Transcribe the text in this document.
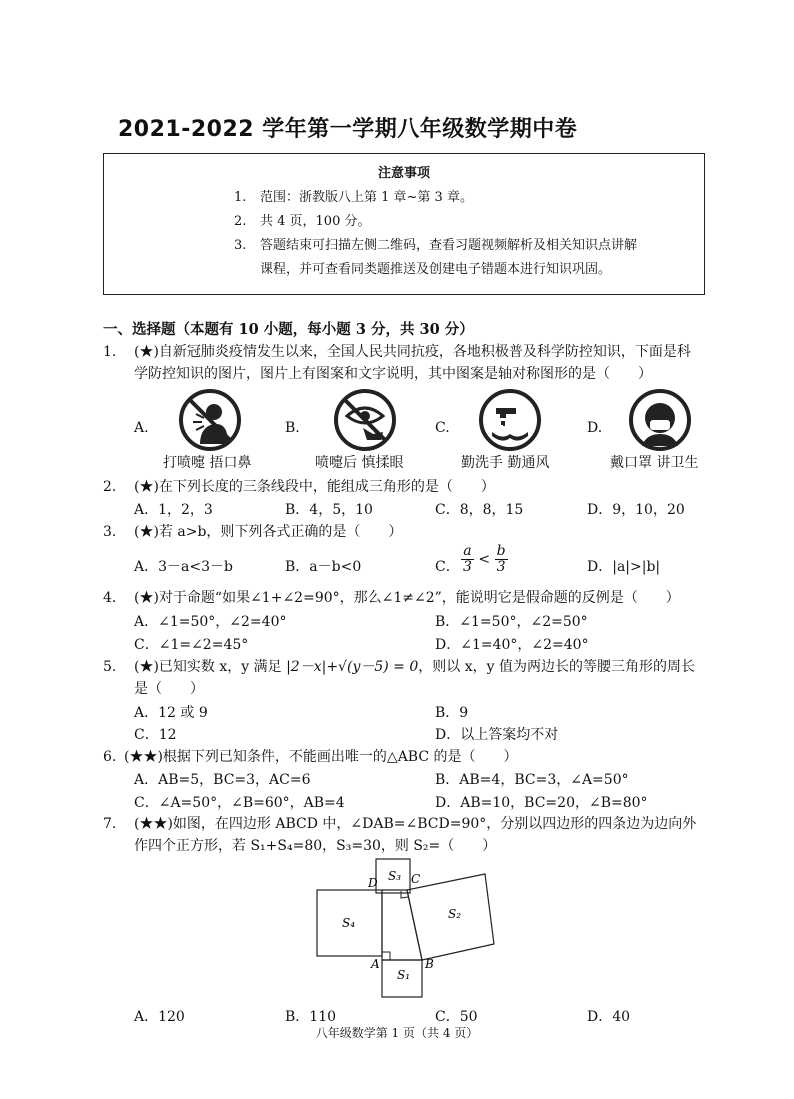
2021-2022 学年第一学期八年级数学期中卷
注意事项
1. 范围：浙教版八上第 1 章~第 3 章。
2. 共 4 页，100 分。
3. 答题结束可扫描左侧二维码，查看习题视频解析及相关知识点讲解
课程，并可查看同类题推送及创建电子错题本进行知识巩固。
一、选择题（本题有 10 小题，每小题 3 分，共 30 分）
1. (★)自新冠肺炎疫情发生以来，全国人民共同抗疫，各地积极普及科学防控知识，下面是科
学防控知识的图片，图片上有图案和文字说明，其中图案是轴对称图形的是（　　）
A.
打喷嚏 捂口鼻
B.
喷嚏后 慎揉眼
C.
勤洗手 勤通风
D.
戴口罩 讲卫生
2. (★)在下列长度的三条线段中，能组成三角形的是（　　）
A．1，2，3	B．4，5，10	C．8，8，15	D．9，10，20
3. (★)若 a>b，则下列各式正确的是（　　）
A．3－a<3－b	B．a－b<0	C． $\frac{a}{3} < \frac{b}{3}$	D．|a|>|b|
4. (★)对于命题“如果∠1+∠2=90°，那么∠1≠∠2”，能说明它是假命题的反例是（　　）
A．∠1=50°，∠2=40°	B．∠1=50°，∠2=50°
C．∠1=∠2=45°	D．∠1=40°，∠2=40°
5. (★)已知实数 x，y 满足 |2－x|+√(y－5) = 0，则以 x，y 值为两边长的等腰三角形的周长
是（　　）
A．12 或 9	B．9
C．12	D．以上答案均不对
6. (★★)根据下列已知条件，不能画出唯一的△ABC 的是（　　）
A．AB=5，BC=3，AC=6	B．AB=4，BC=3，∠A=50°
C．∠A=50°，∠B=60°，AB=4	D．AB=10，BC=20，∠B=80°
7. (★★)如图，在四边形 ABCD 中，∠DAB=∠BCD=90°，分别以四边形的四条边为边向外
作四个正方形，若 S₁+S₄=80，S₃=30，则 S₂=（　　）
S₃
S₄
S₂
S₁
D	C
A	B
A．120	B．110	C．50	D．40
八年级数学第 1 页（共 4 页）
